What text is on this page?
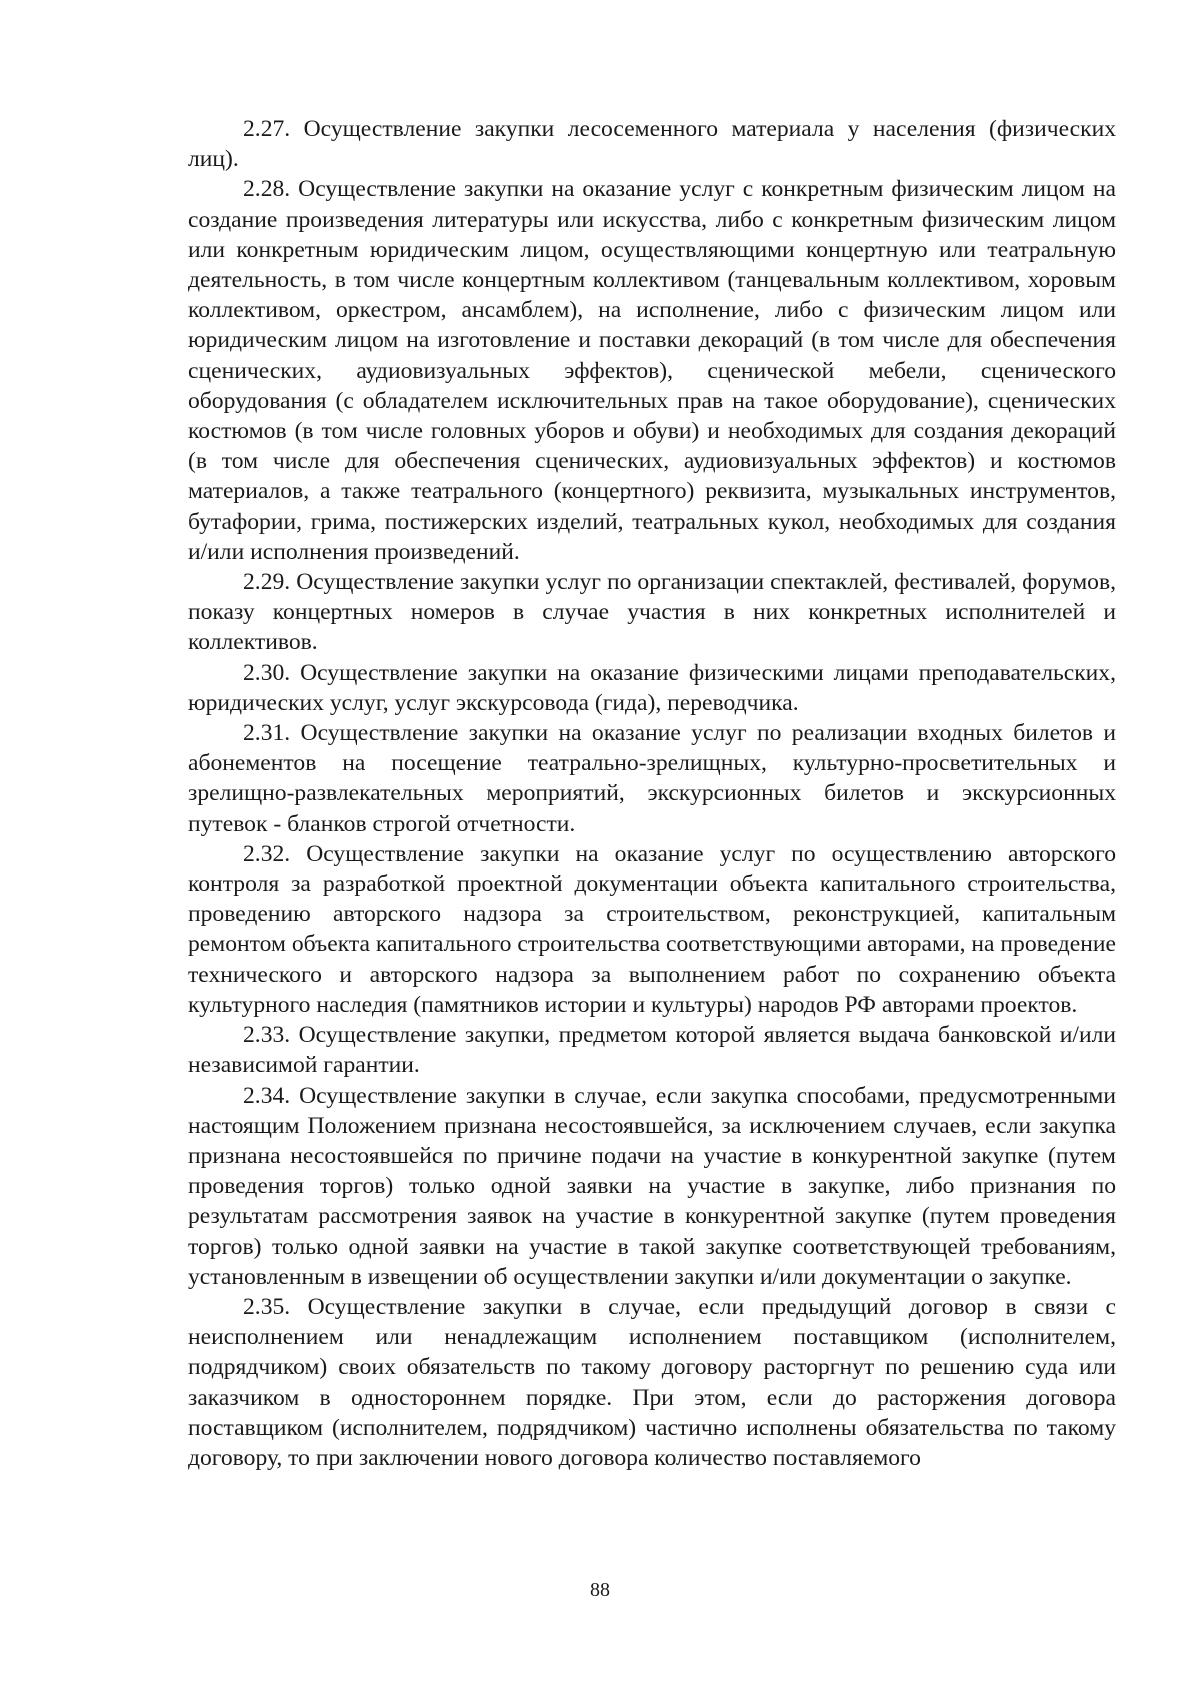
2.27. Осуществление закупки лесосеменного материала у населения (физических лиц).

2.28. Осуществление закупки на оказание услуг с конкретным физическим лицом на создание произведения литературы или искусства, либо с конкретным физическим лицом или конкретным юридическим лицом, осуществляющими концертную или театральную деятельность, в том числе концертным коллективом (танцевальным коллективом, хоровым коллективом, оркестром, ансамблем), на исполнение, либо с физическим лицом или юридическим лицом на изготовление и поставки декораций (в том числе для обеспечения сценических, аудиовизуальных эффектов), сценической мебели, сценического оборудования (с обладателем исключительных прав на такое оборудование), сценических костюмов (в том числе головных уборов и обуви) и необходимых для создания декораций (в том числе для обеспечения сценических, аудиовизуальных эффектов) и костюмов материалов, а также театрального (концертного) реквизита, музыкальных инструментов, бутафории, грима, постижерских изделий, театральных кукол, необходимых для создания и/или исполнения произведений.

2.29. Осуществление закупки услуг по организации спектаклей, фестивалей, форумов, показу концертных номеров в случае участия в них конкретных исполнителей и коллективов.

2.30. Осуществление закупки на оказание физическими лицами преподавательских, юридических услуг, услуг экскурсовода (гида), переводчика.

2.31. Осуществление закупки на оказание услуг по реализации входных билетов и абонементов на посещение театрально-зрелищных, культурно-просветительных и зрелищно-развлекательных мероприятий, экскурсионных билетов и экскурсионных путевок - бланков строгой отчетности.

2.32. Осуществление закупки на оказание услуг по осуществлению авторского контроля за разработкой проектной документации объекта капитального строительства, проведению авторского надзора за строительством, реконструкцией, капитальным ремонтом объекта капитального строительства соответствующими авторами, на проведение технического и авторского надзора за выполнением работ по сохранению объекта культурного наследия (памятников истории и культуры) народов РФ авторами проектов.

2.33. Осуществление закупки, предметом которой является выдача банковской и/или независимой гарантии.

2.34. Осуществление закупки в случае, если закупка способами, предусмотренными настоящим Положением признана несостоявшейся, за исключением случаев, если закупка признана несостоявшейся по причине подачи на участие в конкурентной закупке (путем проведения торгов) только одной заявки на участие в закупке, либо признания по результатам рассмотрения заявок на участие в конкурентной закупке (путем проведения торгов) только одной заявки на участие в такой закупке соответствующей требованиям, установленным в извещении об осуществлении закупки и/или документации о закупке.

2.35. Осуществление закупки в случае, если предыдущий договор в связи с неисполнением или ненадлежащим исполнением поставщиком (исполнителем, подрядчиком) своих обязательств по такому договору расторгнут по решению суда или заказчиком в одностороннем порядке. При этом, если до расторжения договора поставщиком (исполнителем, подрядчиком) частично исполнены обязательства по такому договору, то при заключении нового договора количество поставляемого

88
